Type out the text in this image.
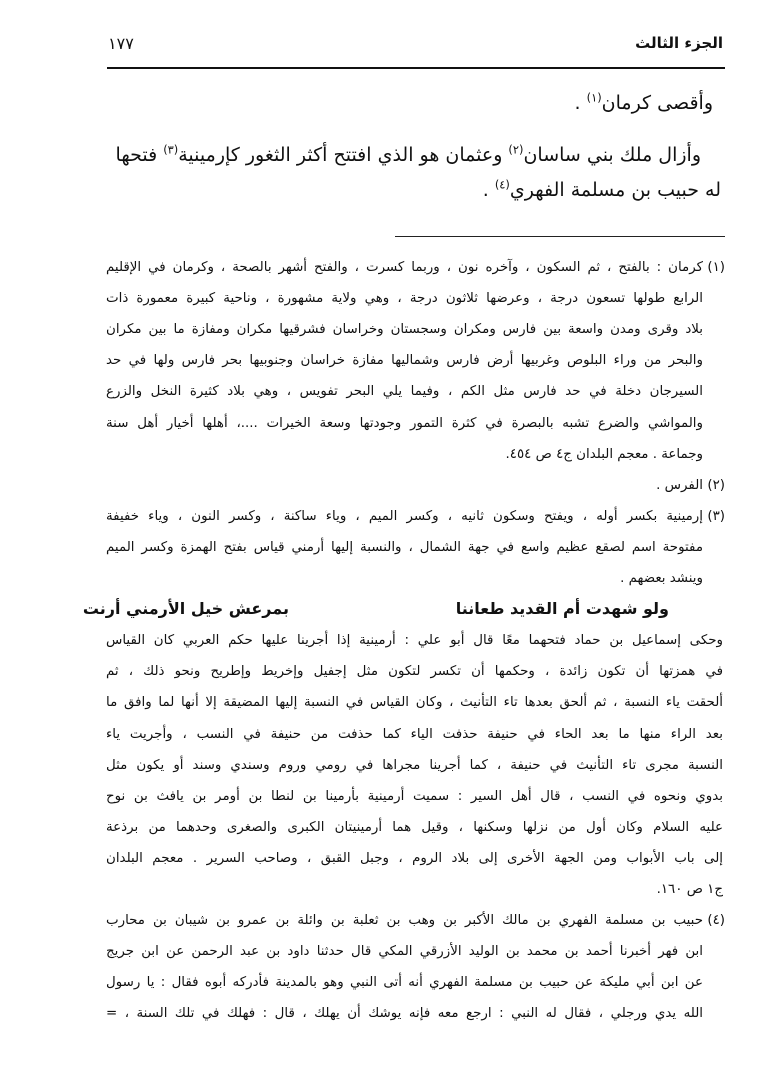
الجزء الثالث
١٧٧
وأقصى كرمان$^{(١)}$ .
وأزال ملك بني ساسان$^{(٢)}$ وعثمان هو الذي افتتح أكثر الثغور كإرمينية$^{(٣)}$ فتحها
له حبيب بن مسلمة الفهري$^{(٤)}$ .
(١)
كرمان : بالفتح ، ثم السكون ، وآخره نون ، وربما كسرت ، والفتح أشهر بالصحة ، وكرمان في الإقليم
الرابع طولها تسعون درجة ، وعرضها ثلاثون درجة ، وهي ولاية مشهورة ، وناحية كبيرة معمورة ذات
بلاد وقرى ومدن واسعة بين فارس ومكران وسجستان وخراسان فشرقيها مكران ومفازة ما بين مكران
والبحر من وراء البلوص وغربيها أرض فارس وشماليها مفازة خراسان وجنوبيها بحر فارس ولها في حد
السيرجان دخلة في حد فارس مثل الكم ، وفيما يلي البحر تفويس ، وهي بلاد كثيرة النخل والزرع
والمواشي والضرع تشبه بالبصرة في كثرة التمور وجودتها وسعة الخيرات ....، أهلها أخيار أهل سنة
وجماعة . معجم البلدان ج٤ ص ٤٥٤.
(٢)
الفرس .
(٣)
إرمينية بكسر أوله ، ويفتح وسكون ثانيه ، وكسر الميم ، وياء ساكنة ، وكسر النون ، وياء خفيفة
مفتوحة اسم لصقع عظيم واسع في جهة الشمال ، والنسبة إليها أرمني قياس بفتح الهمزة وكسر الميم
وينشد بعضهم .
ولو شهدت أم القديد طعاننا
بمرعش خيل الأرمني أرنت
وحكى إسماعيل بن حماد فتحهما معًا قال أبو علي : أرمينية إذا أجرينا عليها حكم العربي كان القياس
في همزتها أن تكون زائدة ، وحكمها أن تكسر لتكون مثل إجفيل وإخريط وإطريح ونحو ذلك ، ثم
ألحقت ياء النسبة ، ثم ألحق بعدها تاء التأنيث ، وكان القياس في النسبة إليها المضيقة إلا أنها لما وافق ما
بعد الراء منها ما بعد الحاء في حنيفة حذفت الياء كما حذفت من حنيفة في النسب ، وأجريت ياء
النسبة مجرى تاء التأنيث في حنيفة ، كما أجرينا مجراها في رومي وروم وسندي وسند أو يكون مثل
بدوي ونحوه في النسب ، قال أهل السير : سميت أرمينية بأرمينا بن لنطا بن أومر بن يافث بن نوح
عليه السلام وكان أول من نزلها وسكنها ، وقيل هما أرمينيتان الكبرى والصغرى وحدهما من برذعة
إلى باب الأبواب ومن الجهة الأخرى إلى بلاد الروم ، وجبل القبق ، وصاحب السرير . معجم البلدان
ج١ ص ١٦٠.
(٤)
حبيب بن مسلمة الفهري بن مالك الأكبر بن وهب بن ثعلبة بن وائلة بن عمرو بن شيبان بن محارب
ابن فهر أخبرنا أحمد بن محمد بن الوليد الأزرقي المكي قال حدثنا داود بن عبد الرحمن عن ابن جريج
عن ابن أبي مليكة عن حبيب بن مسلمة الفهري أنه أتى النبي وهو بالمدينة فأدركه أبوه فقال : يا رسول
الله يدي ورجلي ، فقال له النبي : ارجع معه فإنه يوشك أن يهلك ، قال : فهلك في تلك السنة ، =
